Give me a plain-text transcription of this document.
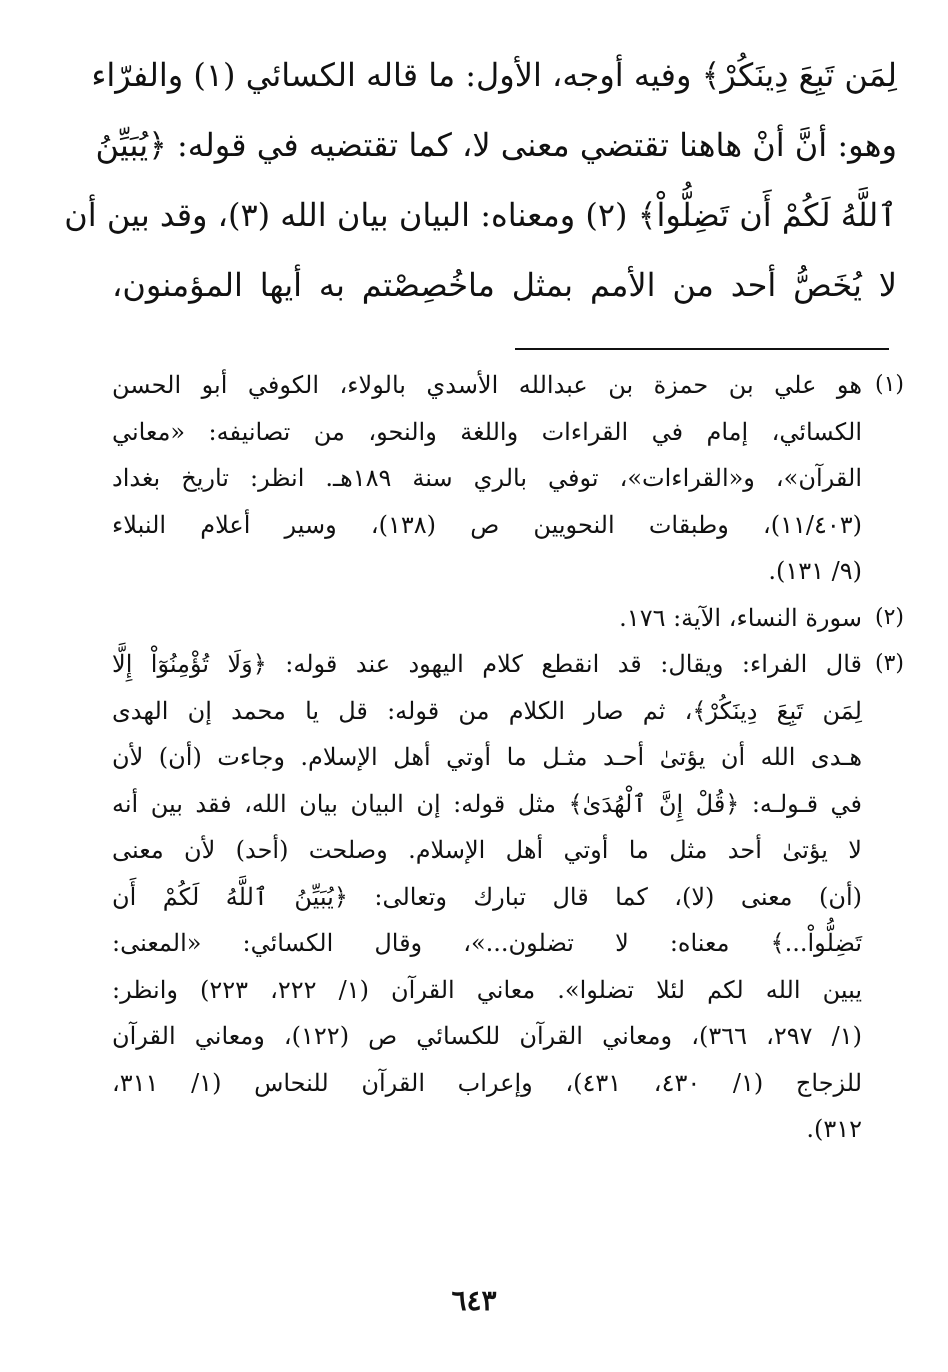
لِمَن تَبِعَ دِينَكُرْ﴾ وفيه أوجه، الأول: ما قاله الكسائي (١) والفرّاء
وهو: أنَّ أنْ هاهنا تقتضي معنى لا، كما تقتضيه في قوله: ﴿يُبَيِّنُ
ٱللَّهُ لَكُمْ أَن تَضِلُّواْ﴾ (٢) ومعناه: البيان بيان الله (٣)، وقد بين أن
لا يُخَصُّ أحد من الأمم بمثل ماخُصِصْتم به أيها المؤمنون،
(١)
هو علي بن حمزة بن عبدالله الأسدي بالولاء، الكوفي أبو الحسن
الكسائي، إمام في القراءات واللغة والنحو، من تصانيفه: «معاني
القرآن»، و«القراءات»، توفي بالري سنة ١٨٩هـ. انظر: تاريخ بغداد
(١١/٤٠٣)، وطبقات النحويين ص (١٣٨)، وسير أعلام النبلاء
(٩/ ١٣١).
(٢)
سورة النساء، الآية: ١٧٦.
(٣)
قال الفراء: ويقال: قد انقطع كلام اليهود عند قوله: ﴿وَلَا تُؤْمِنُوٓاْ إِلَّا
لِمَن تَبِعَ دِينَكُرْ﴾، ثم صار الكلام من قوله: قل يا محمد إن الهدى
هـدى الله أن يؤتىٰ أحـد مثـل ما أوتي أهل الإسلام. وجاءت (أن) لأن
في قـولـه: ﴿قُلْ إِنَّ ٱلْهُدَىٰ﴾ مثل قوله: إن البيان بيان الله، فقد بين أنه
لا يؤتىٰ أحد مثل ما أوتي أهل الإسلام. وصلحت (أحد) لأن معنى
(أن) معنى (لا)، كما قال تبارك وتعالى: ﴿يُبَيِّنُ ٱللَّهُ لَكُمْ أَن
تَضِلُّواْ...﴾ معناه: لا تضلون...»، وقال الكسائي: «المعنى:
يبين الله لكم لئلا تضلوا». معاني القرآن (١/ ٢٢٢، ٢٢٣) وانظر:
(١/ ٢٩٧، ٣٦٦)، ومعاني القرآن للكسائي ص (١٢٢)، ومعاني القرآن
للزجاج (١/ ٤٣٠، ٤٣١)، وإعراب القرآن للنحاس (١/ ٣١١،
٣١٢).
٦٤٣
